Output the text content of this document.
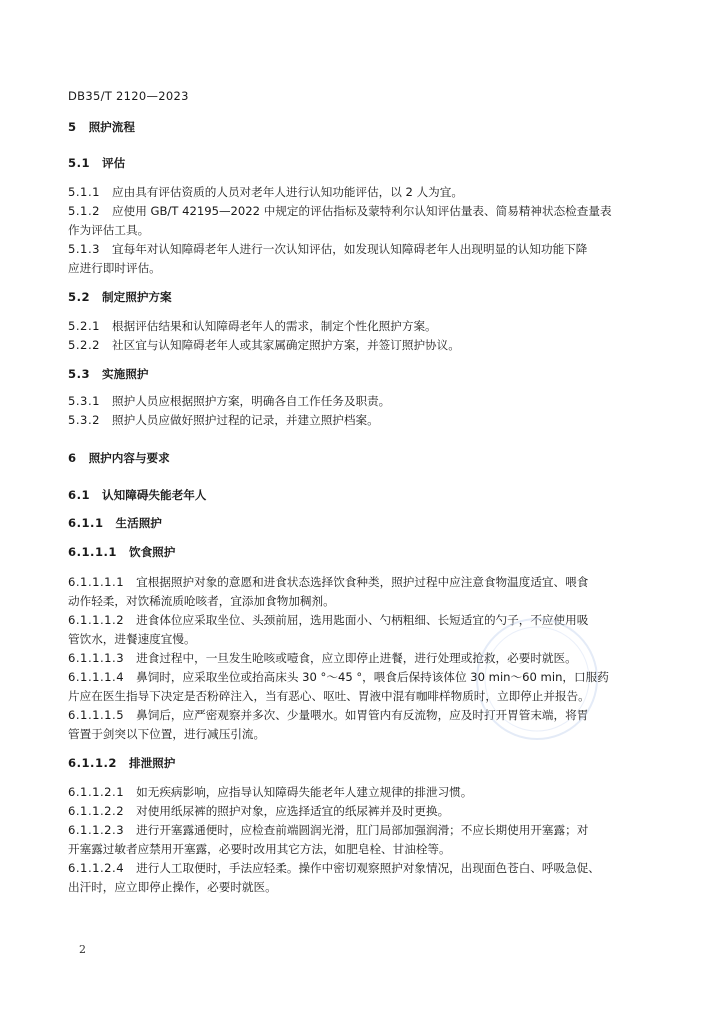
DB35/T 2120—2023
5 照护流程
5.1 评估
5.1.1 应由具有评估资质的人员对老年人进行认知功能评估，以 2 人为宜。
5.1.2 应使用 GB/T 42195—2022 中规定的评估指标及蒙特利尔认知评估量表、简易精神状态检查量表
作为评估工具。
5.1.3 宜每年对认知障碍老年人进行一次认知评估，如发现认知障碍老年人出现明显的认知功能下降
应进行即时评估。
5.2 制定照护方案
5.2.1 根据评估结果和认知障碍老年人的需求，制定个性化照护方案。
5.2.2 社区宜与认知障碍老年人或其家属确定照护方案，并签订照护协议。
5.3 实施照护
5.3.1 照护人员应根据照护方案，明确各自工作任务及职责。
5.3.2 照护人员应做好照护过程的记录，并建立照护档案。
6 照护内容与要求
6.1 认知障碍失能老年人
6.1.1 生活照护
6.1.1.1 饮食照护
6.1.1.1.1 宜根据照护对象的意愿和进食状态选择饮食种类，照护过程中应注意食物温度适宜、喂食
动作轻柔，对饮稀流质呛咳者，宜添加食物加稠剂。
6.1.1.1.2 进食体位应采取坐位、头颈前屈，选用匙面小、勺柄粗细、长短适宜的勺子，不应使用吸
管饮水，进餐速度宜慢。
6.1.1.1.3 进食过程中，一旦发生呛咳或噎食，应立即停止进餐，进行处理或抢救，必要时就医。
6.1.1.1.4 鼻饲时，应采取坐位或抬高床头 30 °～45 °，喂食后保持该体位 30 min～60 min，口服药
片应在医生指导下决定是否粉碎注入，当有恶心、呕吐、胃液中混有咖啡样物质时，立即停止并报告。
6.1.1.1.5 鼻饲后，应严密观察并多次、少量喂水。如胃管内有反流物，应及时打开胃管末端，将胃
管置于剑突以下位置，进行减压引流。
6.1.1.2 排泄照护
6.1.1.2.1 如无疾病影响，应指导认知障碍失能老年人建立规律的排泄习惯。
6.1.1.2.2 对使用纸尿裤的照护对象，应选择适宜的纸尿裤并及时更换。
6.1.1.2.3 进行开塞露通便时，应检查前端圆润光滑，肛门局部加强润滑；不应长期使用开塞露；对
开塞露过敏者应禁用开塞露，必要时改用其它方法，如肥皂栓、甘油栓等。
6.1.1.2.4 进行人工取便时，手法应轻柔。操作中密切观察照护对象情况，出现面色苍白、呼吸急促、
出汗时，应立即停止操作，必要时就医。
2
